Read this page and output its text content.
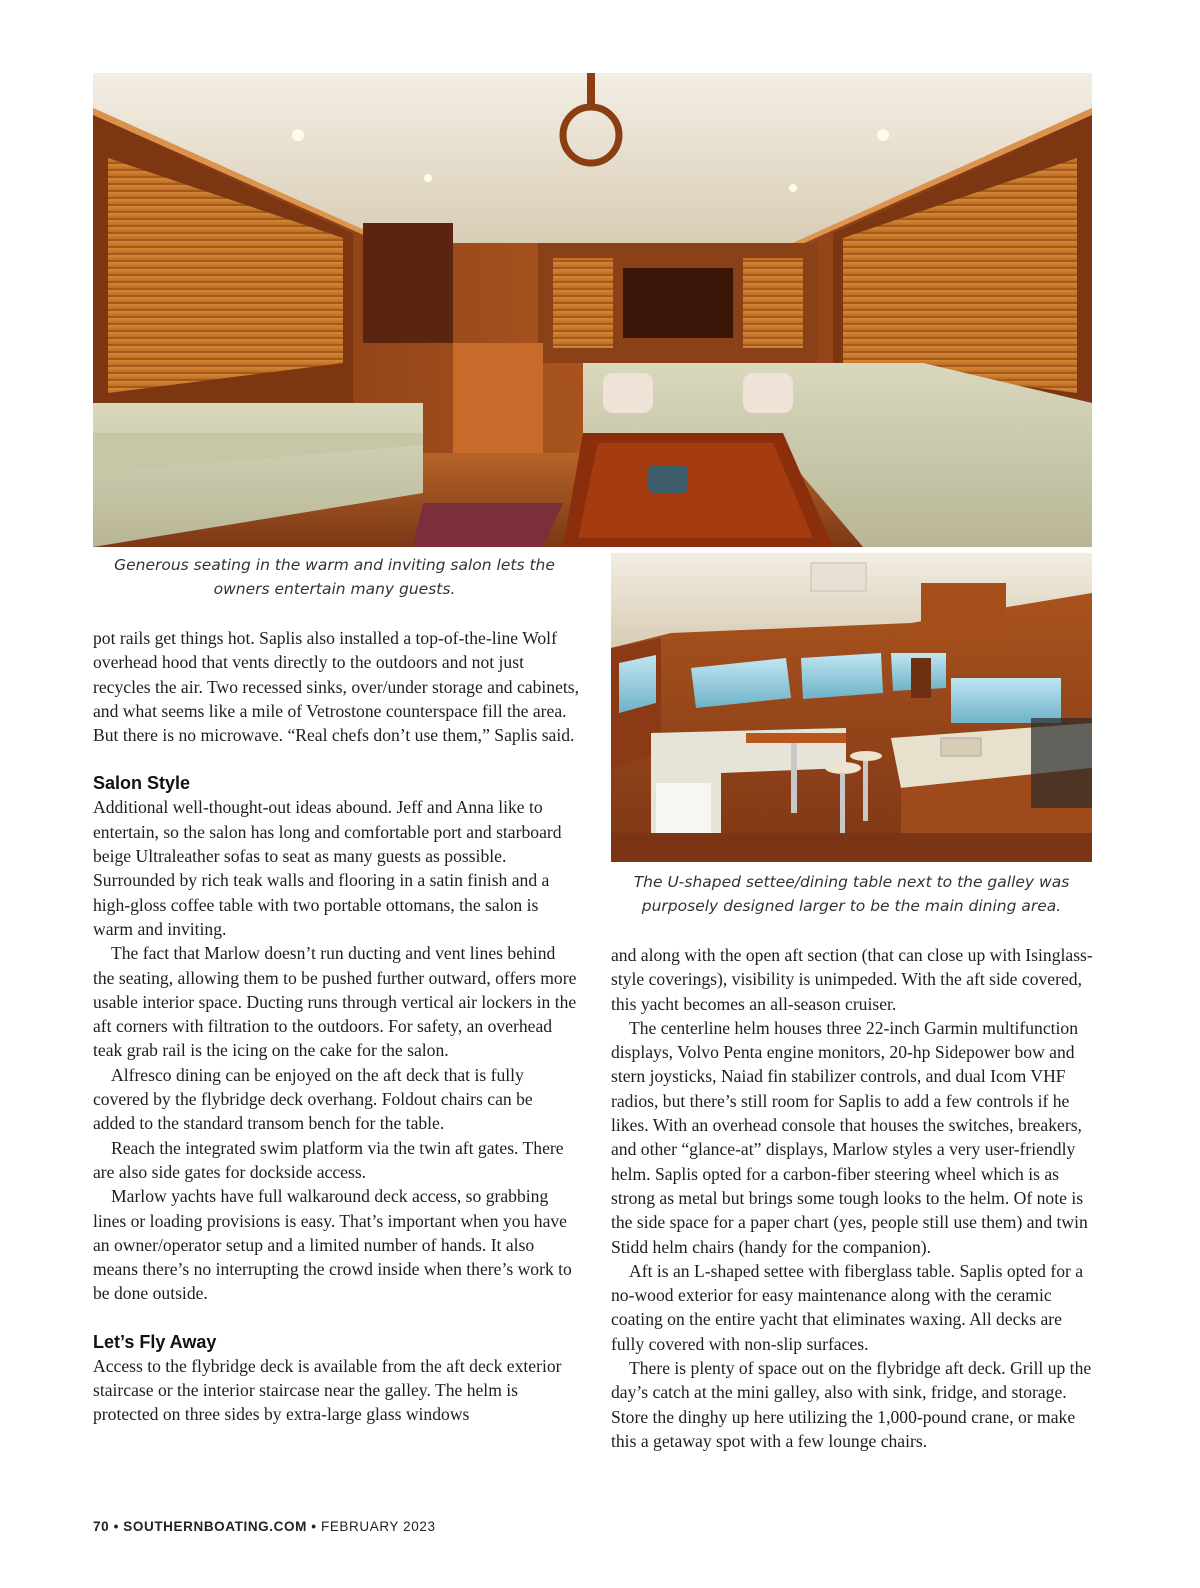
Generous seating in the warm and inviting salon lets the owners entertain many guests.
The U-shaped settee/dining table next to the galley was purposely designed larger to be the main dining area.

pot rails get things hot. Saplis also installed a top-of-the-line Wolf overhead hood that vents directly to the outdoors and not just recycles the air. Two recessed sinks, over/under storage and cabinets, and what seems like a mile of Vetrostone counterspace fill the area. But there is no microwave. “Real chefs don’t use them,” Saplis said.

Salon Style

Additional well-thought-out ideas abound. Jeff and Anna like to entertain, so the salon has long and comfortable port and starboard beige Ultraleather sofas to seat as many guests as possible. Surrounded by rich teak walls and flooring in a satin finish and a high-gloss coffee table with two portable ottomans, the salon is warm and inviting.

The fact that Marlow doesn’t run ducting and vent lines behind the seating, allowing them to be pushed further outward, offers more usable interior space. Ducting runs through vertical air lockers in the aft corners with filtration to the outdoors. For safety, an overhead teak grab rail is the icing on the cake for the salon.

Alfresco dining can be enjoyed on the aft deck that is fully covered by the flybridge deck overhang. Foldout chairs can be added to the standard transom bench for the table.

Reach the integrated swim platform via the twin aft gates. There are also side gates for dockside access.

Marlow yachts have full walkaround deck access, so grabbing lines or loading provisions is easy. That’s important when you have an owner/operator setup and a limited number of hands. It also means there’s no interrupting the crowd inside when there’s work to be done outside.

Let’s Fly Away

Access to the flybridge deck is available from the aft deck exterior staircase or the interior staircase near the galley. The helm is protected on three sides by extra-large glass windows

and along with the open aft section (that can close up with Isinglass-style coverings), visibility is unimpeded. With the aft side covered, this yacht becomes an all-season cruiser.

The centerline helm houses three 22-inch Garmin multifunction displays, Volvo Penta engine monitors, 20-hp Sidepower bow and stern joysticks, Naiad fin stabilizer controls, and dual Icom VHF radios, but there’s still room for Saplis to add a few controls if he likes. With an overhead console that houses the switches, breakers, and other “glance-at” displays, Marlow styles a very user-friendly helm. Saplis opted for a carbon-fiber steering wheel which is as strong as metal but brings some tough looks to the helm. Of note is the side space for a paper chart (yes, people still use them) and twin Stidd helm chairs (handy for the companion).

Aft is an L-shaped settee with fiberglass table. Saplis opted for a no-wood exterior for easy maintenance along with the ceramic coating on the entire yacht that eliminates waxing. All decks are fully covered with non-slip surfaces.

There is plenty of space out on the flybridge aft deck. Grill up the day’s catch at the mini galley, also with sink, fridge, and storage. Store the dinghy up here utilizing the 1,000-pound crane, or make this a getaway spot with a few lounge chairs.

70 • SOUTHERNBOATING.COM • FEBRUARY 2023
